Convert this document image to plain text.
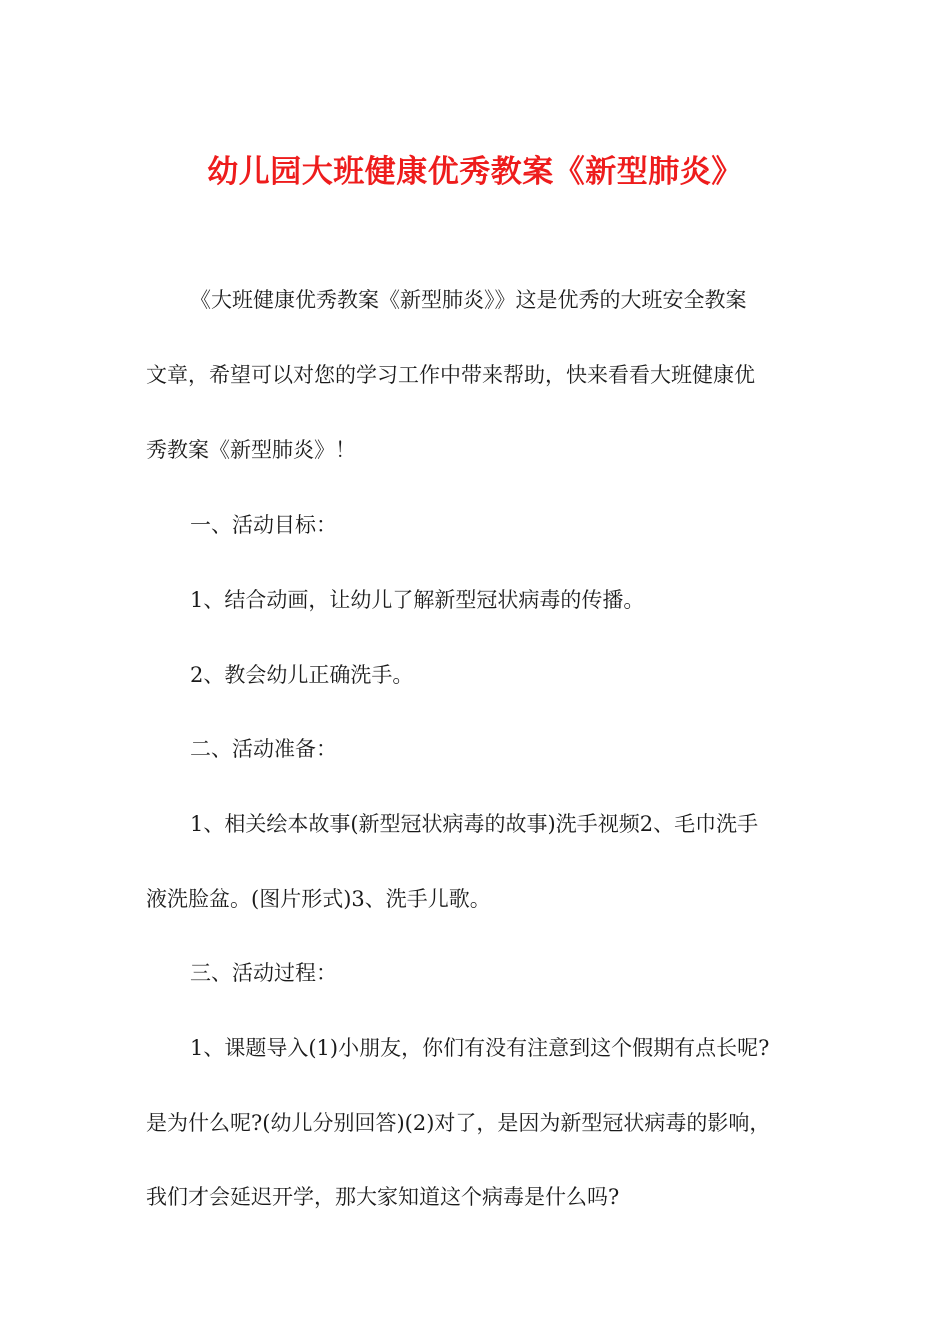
幼儿园大班健康优秀教案《新型肺炎》

《大班健康优秀教案《新型肺炎》》这是优秀的大班安全教案

文章，希望可以对您的学习工作中带来帮助，快来看看大班健康优

秀教案《新型肺炎》！

一、活动目标：

1、结合动画，让幼儿了解新型冠状病毒的传播。

2、教会幼儿正确洗手。

二、活动准备：

1、相关绘本故事(新型冠状病毒的故事)洗手视频2、毛巾洗手

液洗脸盆。(图片形式)3、洗手儿歌。

三、活动过程：

1、课题导入(1)小朋友，你们有没有注意到这个假期有点长呢?

是为什么呢?(幼儿分别回答)(2)对了，是因为新型冠状病毒的影响，

我们才会延迟开学，那大家知道这个病毒是什么吗?
